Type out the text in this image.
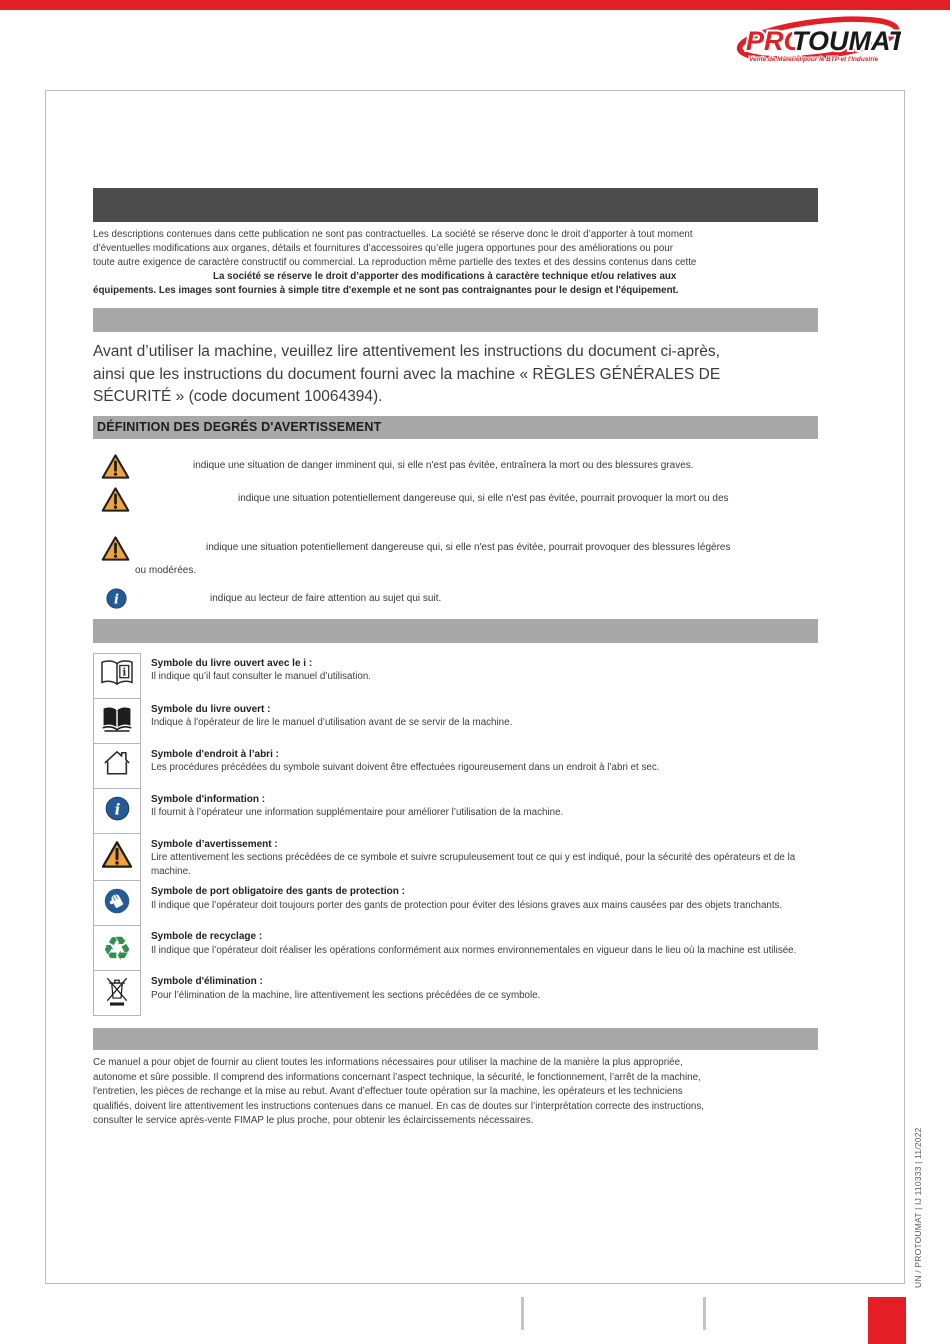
PRO
TOUMAT
Vente de Matériel pour le BTP et l'Industrie
Les descriptions contenues dans cette publication ne sont pas contractuelles. La société se réserve donc le droit d’apporter à tout moment
d’éventuelles modifications aux organes, détails et fournitures d’accessoires qu’elle jugera opportunes pour des améliorations ou pour
toute autre exigence de caractère constructif ou commercial. La reproduction même partielle des textes et des dessins contenus dans cette
La société se réserve le droit d’apporter des modifications à caractère technique et/ou relatives aux
équipements. Les images sont fournies à simple titre d'exemple et ne sont pas contraignantes pour le design et l'équipement.
Avant d’utiliser la machine, veuillez lire attentivement les instructions du document ci-après,
ainsi que les instructions du document fourni avec la machine « RÈGLES GÉNÉRALES DE
SÉCURITÉ » (code document 10064394).
DÉFINITION DES DEGRÉS D'AVERTISSEMENT
indique une situation de danger imminent qui, si elle n'est pas évitée, entraînera la mort ou des blessures graves.
indique une situation potentiellement dangereuse qui, si elle n'est pas évitée, pourrait provoquer la mort ou des
indique une situation potentiellement dangereuse qui, si elle n'est pas évitée, pourrait provoquer des blessures légères
ou modérées.
i	indique au lecteur de faire attention au sujet qui suit.
i
Symbole du livre ouvert avec le i :
Il indique qu’il faut consulter le manuel d’utilisation.
Symbole du livre ouvert :
Indique à l'opérateur de lire le manuel d’utilisation avant de se servir de la machine.
Symbole d'endroit à l’abri :
Les procédures précédées du symbole suivant doivent être effectuées rigoureusement dans un endroit à l’abri et sec.
i
Symbole d'information :
Il fournit à l’opérateur une information supplémentaire pour améliorer l’utilisation de la machine.
Symbole d’avertissement :
Lire attentivement les sections précédées de ce symbole et suivre scrupuleusement tout ce qui y est indiqué, pour la sécurité des opérateurs et de la machine.
Symbole de port obligatoire des gants de protection :
Il indique que l’opérateur doit toujours porter des gants de protection pour éviter des lésions graves aux mains causées par des objets tranchants.
♻ Symbole de recyclage :
Il indique que l’opérateur doit réaliser les opérations conformément aux normes environnementales en vigueur dans le lieu où la machine est utilisée.
Symbole d'élimination :
Pour l’élimination de la machine, lire attentivement les sections précédées de ce symbole.
Ce manuel a pour objet de fournir au client toutes les informations nécessaires pour utiliser la machine de la manière la plus appropriée,
autonome et sûre possible. Il comprend des informations concernant l’aspect technique, la sécurité, le fonctionnement, l’arrêt de la machine,
l'entretien, les pièces de rechange et la mise au rebut. Avant d’effectuer toute opération sur la machine, les opérateurs et les techniciens
qualifiés, doivent lire attentivement les instructions contenues dans ce manuel. En cas de doutes sur l’interprétation correcte des instructions,
consulter le service après-vente FIMAP le plus proche, pour obtenir les éclaircissements nécessaires.
UN / PROTOUMAT | IJ 110333 | 11/2022
